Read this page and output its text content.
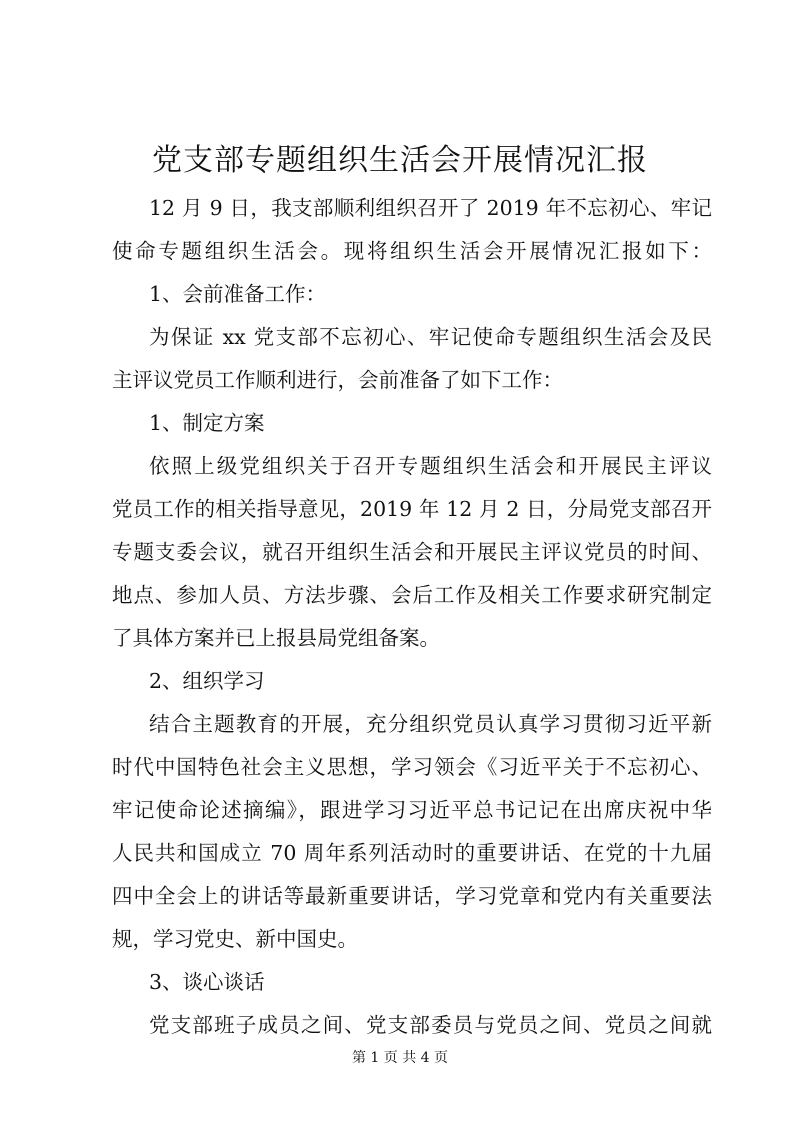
党支部专题组织生活会开展情况汇报
12 月 9 日，我支部顺利组织召开了 2019 年不忘初心、牢记
使命专题组织生活会。现将组织生活会开展情况汇报如下：
1、会前准备工作：
为保证 xx 党支部不忘初心、牢记使命专题组织生活会及民
主评议党员工作顺利进行，会前准备了如下工作：
1、制定方案
依照上级党组织关于召开专题组织生活会和开展民主评议
党员工作的相关指导意见，2019 年 12 月 2 日，分局党支部召开
专题支委会议，就召开组织生活会和开展民主评议党员的时间、
地点、参加人员、方法步骤、会后工作及相关工作要求研究制定
了具体方案并已上报县局党组备案。
2、组织学习
结合主题教育的开展，充分组织党员认真学习贯彻习近平新
时代中国特色社会主义思想，学习领会《习近平关于不忘初心、
牢记使命论述摘编》，跟进学习习近平总书记记在出席庆祝中华
人民共和国成立 70 周年系列活动时的重要讲话、在党的十九届
四中全会上的讲话等最新重要讲话，学习党章和党内有关重要法
规，学习党史、新中国史。
3、谈心谈话
党支部班子成员之间、党支部委员与党员之间、党员之间就
第 1 页 共 4 页
